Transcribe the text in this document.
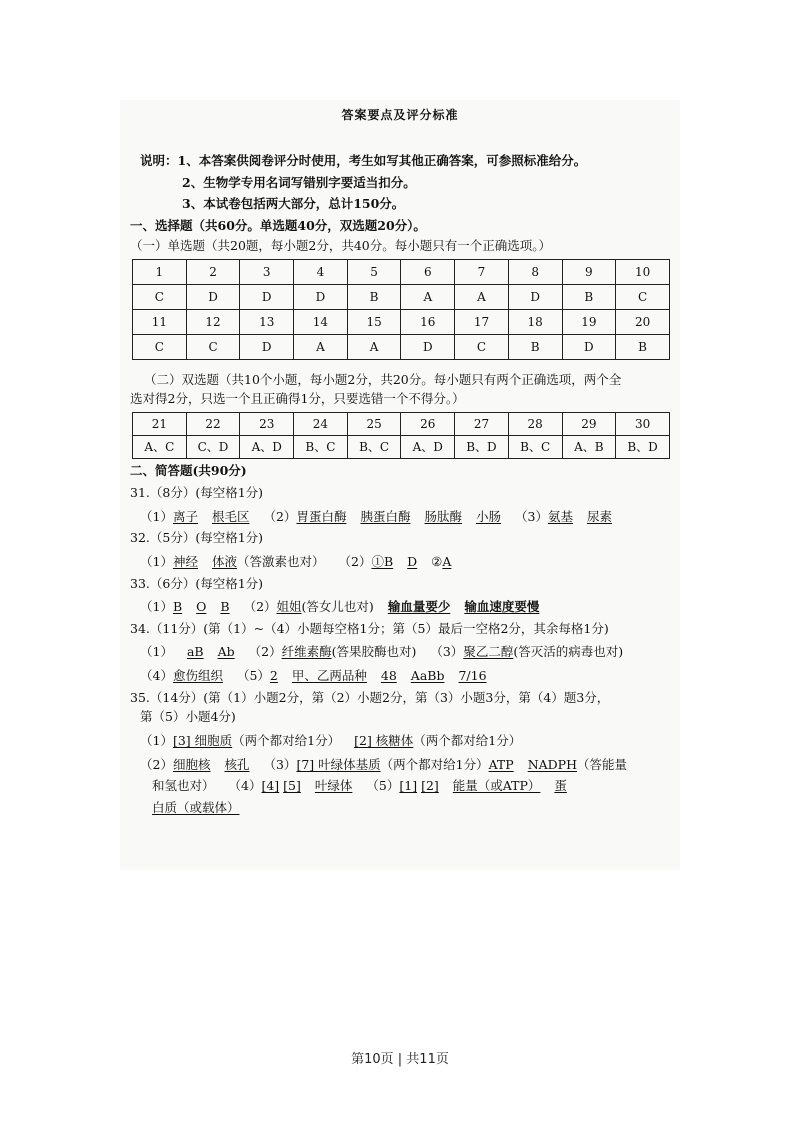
答案要点及评分标准

说明：1、本答案供阅卷评分时使用，考生如写其他正确答案，可参照标准给分。

2、生物学专用名词写错别字要适当扣分。

3、本试卷包括两大部分，总计150分。

一、选择题（共60分。单选题40分，双选题20分）。

（一）单选题（共20题，每小题2分，共40分。每小题只有一个正确选项。）

1	2	3	4	5	6	7	8	9	10
C	D	D	D	B	A	A	D	B	C
11	12	13	14	15	16	17	18	19	20
C	C	D	A	A	D	C	B	D	B

（二）双选题（共10个小题，每小题2分，共20分。每小题只有两个正确选项，两个全

选对得2分，只选一个且正确得1分，只要选错一个不得分。）

21	22	23	24	25	26	27	28	29	30
A、C	C、D	A、D	B、C	B、C	A、D	B、D	B、C	A、B	B、D

二、简答题(共90分)

31.（8分）(每空格1分)

（1）离子 根毛区 （2）胃蛋白酶 胰蛋白酶 肠肽酶 小肠 （3）氨基 尿素

32.（5分）(每空格1分)

（1）神经 体液（答激素也对） （2）①B D ②A

33.（6分）(每空格1分)

（1）B O B （2）姐姐(答女儿也对) 输血量要少 输血速度要慢

34.（11分）(第（1）~（4）小题每空格1分；第（5）最后一空格2分，其余每格1分)

（1） aB Ab （2）纤维素酶(答果胶酶也对) （3）聚乙二醇(答灭活的病毒也对)

（4）愈伤组织 （5）2 甲、乙两品种 48 AaBb 7/16

35.（14分）(第（1）小题2分，第（2）小题2分，第（3）小题3分，第（4）题3分，

第（5）小题4分)

（1）[3] 细胞质（两个都对给1分） [2] 核糖体（两个都对给1分）

（2）细胞核 核孔 （3）[7] 叶绿体基质（两个都对给1分）ATP NADPH（答能量

和氢也对） （4）[4] [5] 叶绿体 （5）[1] [2] 能量（或ATP） 蛋

白质（或载体）

第10页 | 共11页
